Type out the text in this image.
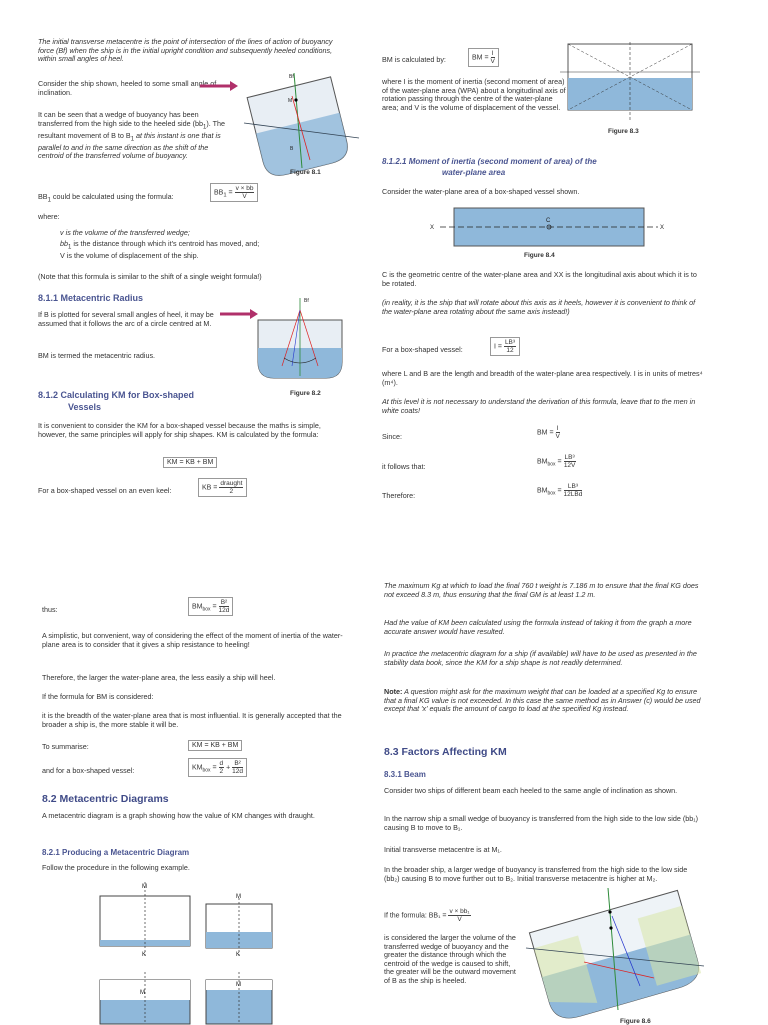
The initial transverse metacentre is the point of intersection of the lines of action of buoyancy force (Bf) when the ship is in the initial upright condition and subsequently heeled conditions, within small angles of heel.
Consider the ship shown, heeled to some small angle of inclination.
It can be seen that a wedge of buoyancy has been transferred from the high side to the heeled side $(bb_1)$. The resultant movement of B to $B_1$ at this instant is one that is parallel to and in the same direction as the shift of the centroid of the transferred volume of buoyancy.
Bf
M
B
Figure 8.1
$BB_1$ could be calculated using the formula:	$BB_1 = \frac{v \times bb}{V}$
where:
v is the volume of the transferred wedge;
$bb_1$ is the distance through which it's centroid has moved, and;
V is the volume of displacement of the ship.
(Note that this formula is similar to the shift of a single weight formula!)
8.1.1 Metacentric Radius
If B is plotted for several small angles of heel, it may be assumed that it follows the arc of a circle centred at M.
BM is termed the metacentric radius.
Bf
Figure 8.2
8.1.2 Calculating KM for Box-shaped
Vessels
It is convenient to consider the KM for a box-shaped vessel because the maths is simple, however, the same principles will apply for ship shapes. KM is calculated by the formula:
KM = KB + BM
For a box-shaped vessel on an even keel:	KB = $\frac{\text{draught}}{2}$
BM is calculated by:	BM = $\frac{I}{V}$
where I is the moment of inertia (second moment of area) of the water-plane area (WPA) about a longitudinal axis of rotation passing through the centre of the water-plane area; and V is the volume of displacement of the vessel.
Figure 8.3
8.1.2.1 Moment of inertia (second moment of area) of the
water-plane area
Consider the water-plane area of a box-shaped vessel shown.
X	X
C
Figure 8.4
C is the geometric centre of the water-plane area and XX is the longitudinal axis about which it is to be rotated.
(in reality, it is the ship that will rotate about this axis as it heels, however it is convenient to think of the water-plane area rotating about the same axis instead!)
For a box-shaped vessel:	$I = \frac{\text{LB³}}{12}$
where L and B are the length and breadth of the water-plane area respectively. I is in units of metres⁴ (m⁴).
At this level it is not necessary to understand the derivation of this formula, leave that to the men in white coats!
Since:	BM = $\frac{I}{V}$
it follows that:
$BM_{box} = \frac{\text{LB³}}{12V}$
Therefore:
$BM_{box} = \frac{\text{LB³}}{\text{12LBd}}$
thus:	$BM_{box} = \frac{\text{B²}}{12d}$
A simplistic, but convenient, way of considering the effect of the moment of inertia of the water-plane area is to consider that it gives a ship resistance to heeling!
Therefore, the larger the water-plane area, the less easily a ship will heel.
If the formula for BM is considered:
it is the breadth of the water-plane area that is most influential. It is generally accepted that the broader a ship is, the more stable it will be.
To summarise:	KM = KB + BM
and for a box-shaped vessel:	$KM_{box} = \frac{d}{2} + \frac{\text{B²}}{12d}$
8.2 Metacentric Diagrams
A metacentric diagram is a graph showing how the value of KM changes with draught.
8.2.1 Producing a Metacentric Diagram
Follow the procedure in the following example.
M
K
M
K
M
M
The maximum Kg at which to load the final 760 t weight is 7.186 m to ensure that the final KG does not exceed 8.3 m, thus ensuring that the final GM is at least 1.2 m.
Had the value of KM been calculated using the formula instead of taking it from the graph a more accurate answer would have resulted.
In practice the metacentric diagram for a ship (if available) will have to be used as presented in the stability data book, since the KM for a ship shape is not readily determined.
Note: A question might ask for the maximum weight that can be loaded at a specified Kg to ensure that a final KG value is not exceeded. In this case the same method as in Answer (c) would be used except that 'x' equals the amount of cargo to load at the specified Kg instead.
8.3 Factors Affecting KM
8.3.1 Beam
Consider two ships of different beam each heeled to the same angle of inclination as shown.
In the narrow ship a small wedge of buoyancy is transferred from the high side to the low side (bb₁) causing B to move to B₁.
Initial transverse metacentre is at M₁.
In the broader ship, a larger wedge of buoyancy is transferred from the high side to the low side (bb₂) causing B to move further out to B₂. Initial transverse metacentre is higher at M₂.
If the formula: $BB_1 = \frac{\text{v × bb₁}}{V}$
is considered the larger the volume of the transferred wedge of buoyancy and the greater the distance through which the centroid of the wedge is caused to shift, the greater will be the outward movement of B as the ship is heeled.
Figure 8.6
